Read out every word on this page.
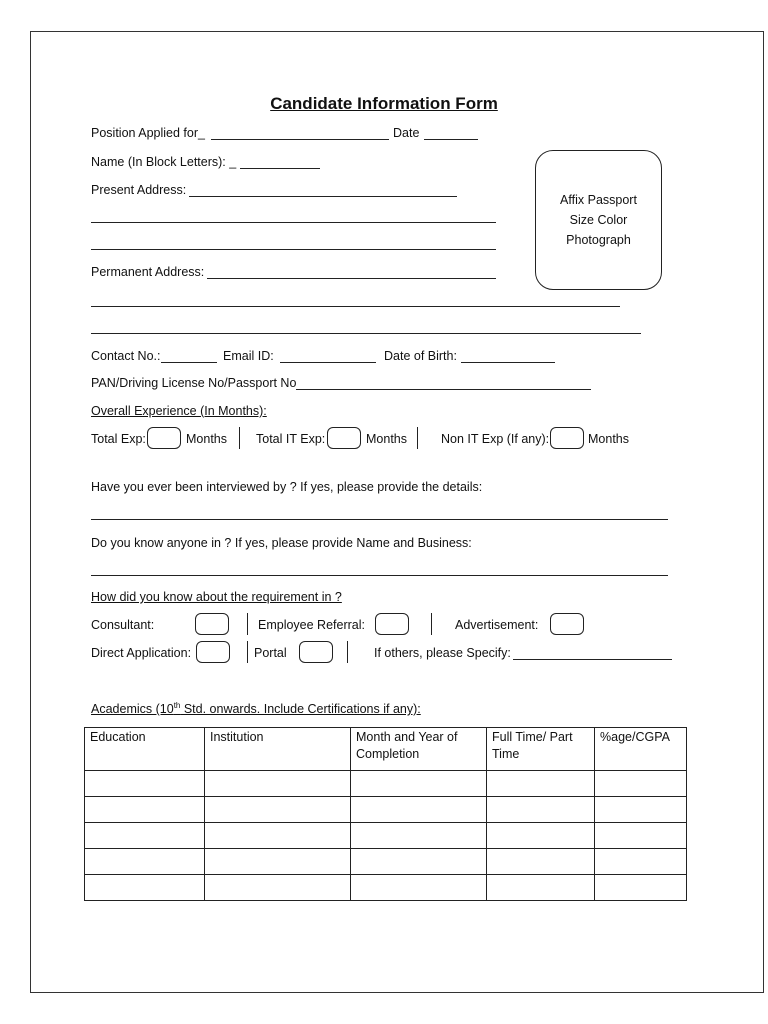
Candidate Information Form
Position Applied for_	Date
Name (In Block Letters): _
Present Address:
Affix Passport
Size Color
Photograph
Permanent Address:
Contact No.:	Email ID:	Date of Birth:
PAN/Driving License No/Passport No
Overall Experience (In Months):
Total Exp:	Months Total IT Exp:	Months	Non IT Exp (If any):	Months
Have you ever been interviewed by ? If yes, please provide the details:
Do you know anyone in ? If yes, please provide Name and Business:
How did you know about the requirement in ?
Consultant:	Employee Referral:	Advertisement:
Direct Application:	Portal	If others, please Specify:
Academics (10th Std. onwards. Include Certifications if any):
Education	Institution	Month and Year of Completion	Full Time/ Part Time	%age/CGPA
